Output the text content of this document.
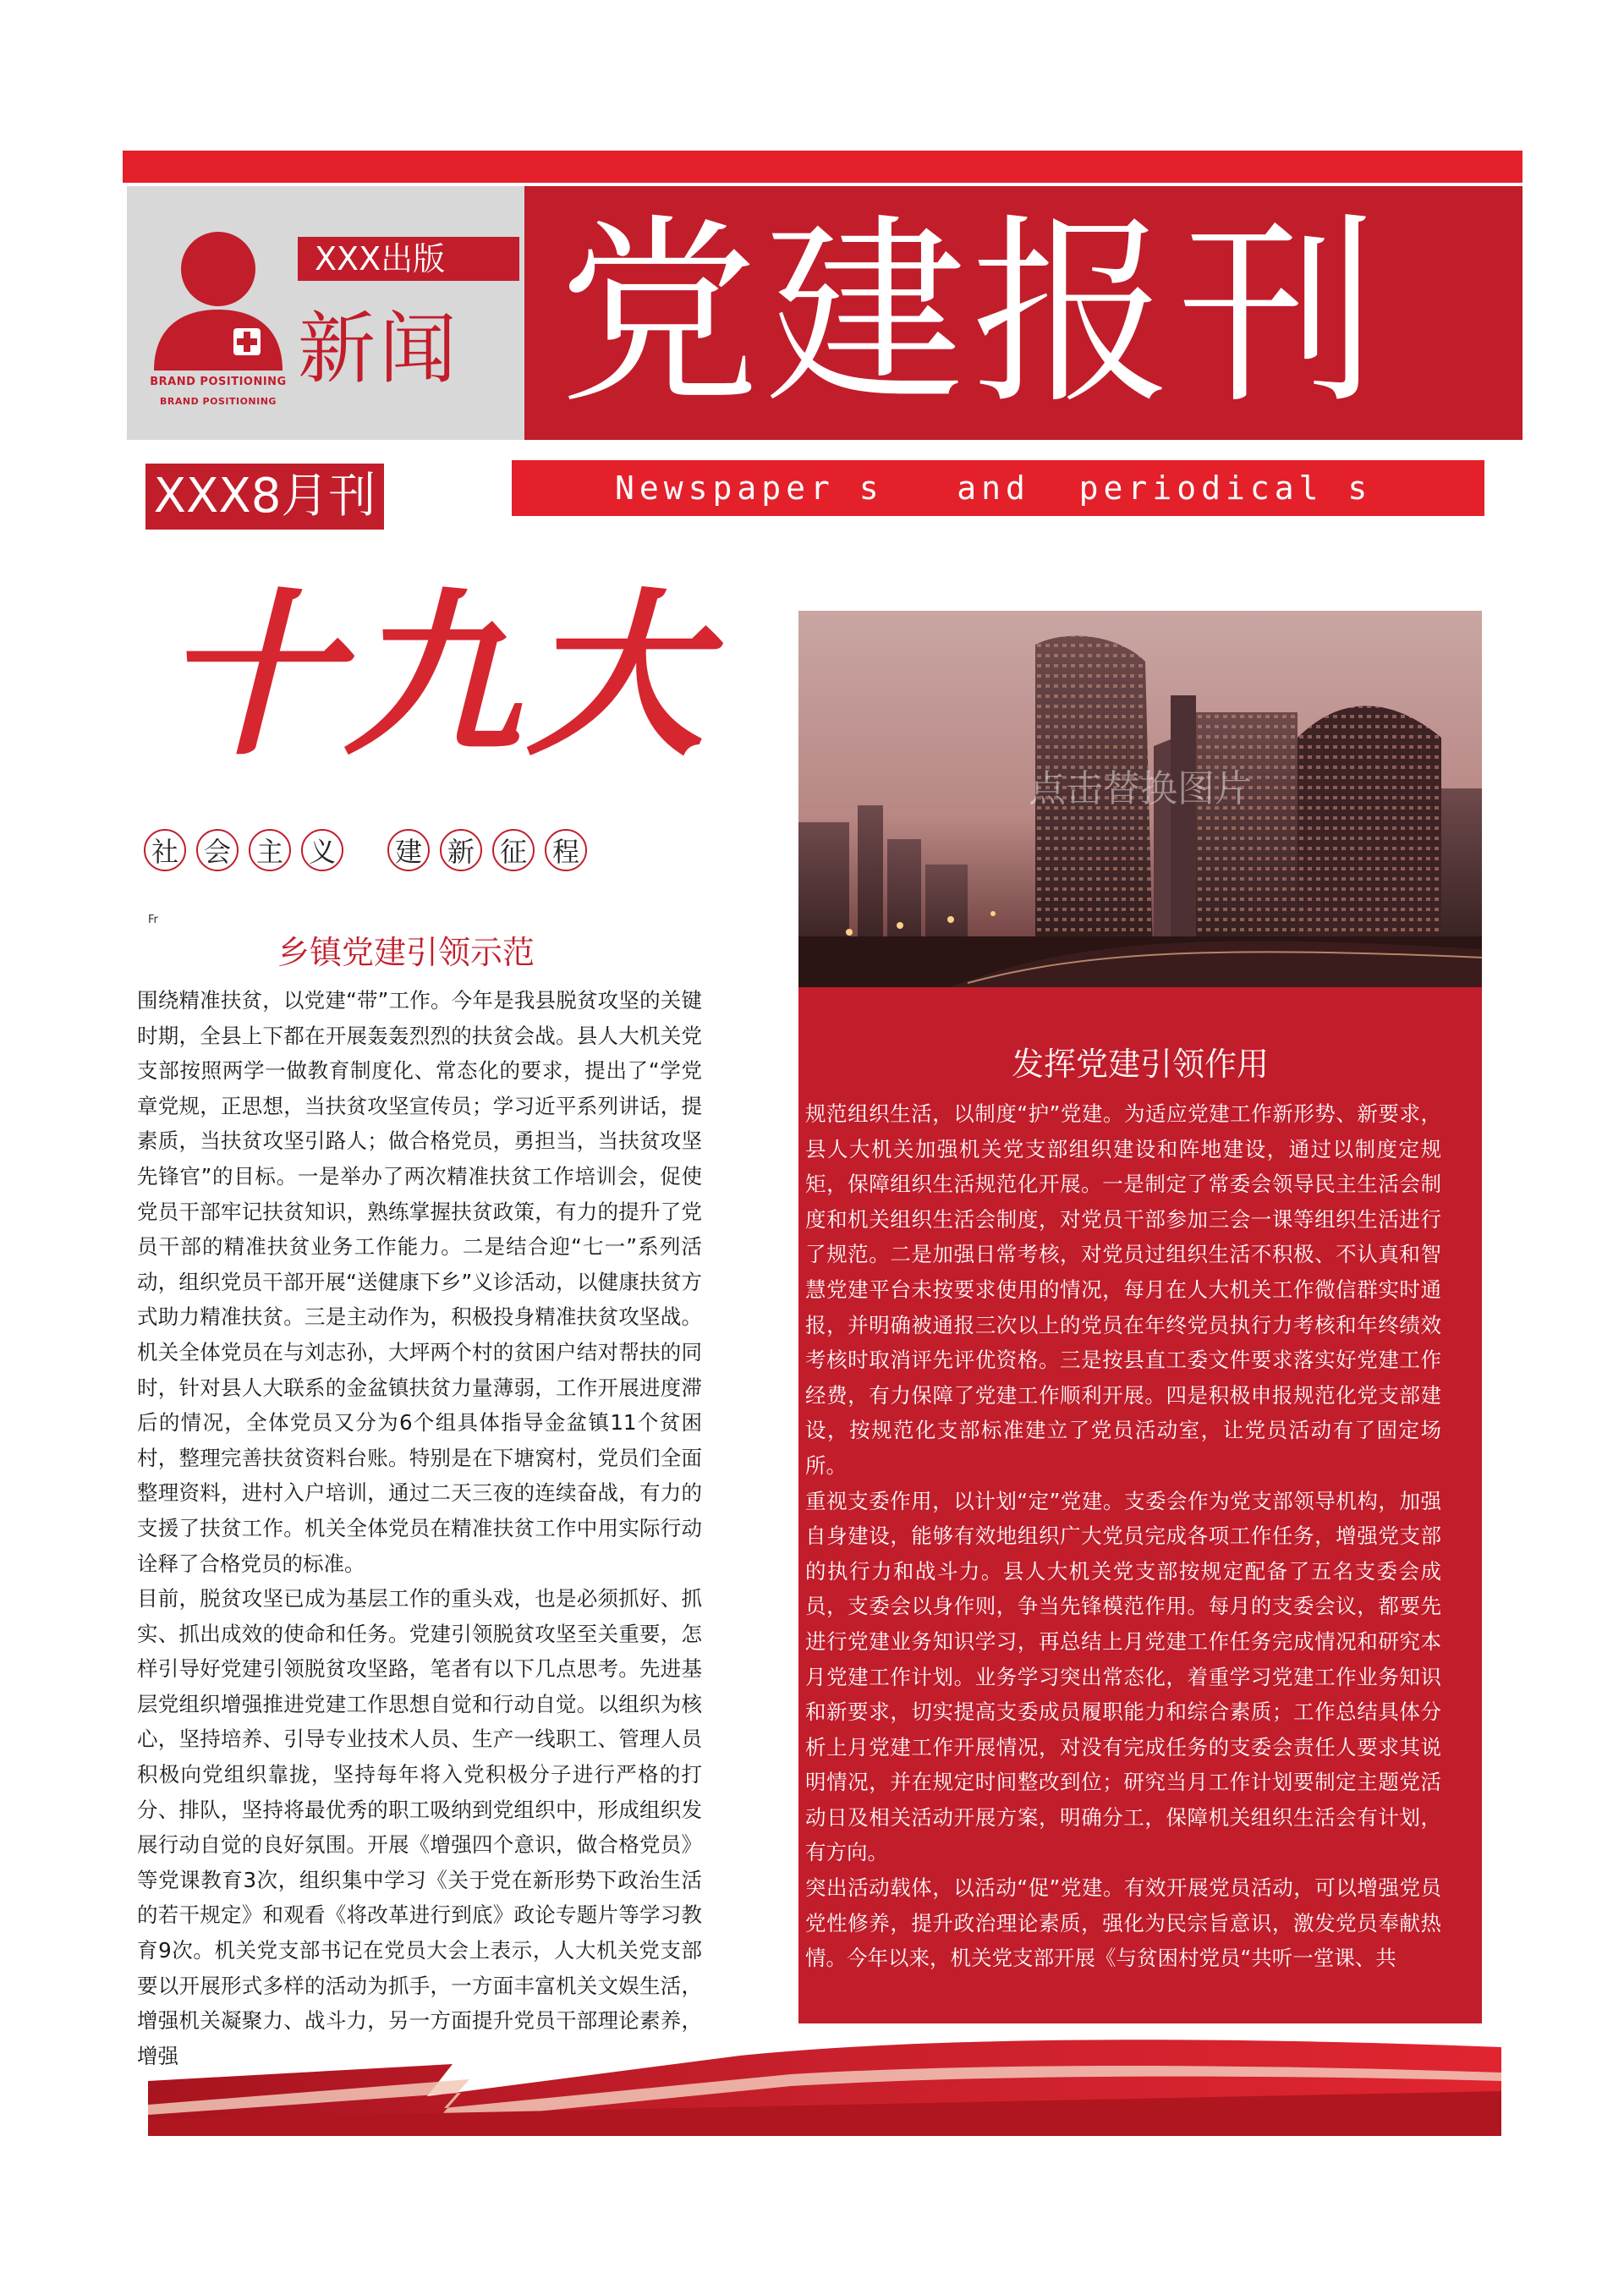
BRAND POSITIONING
BRAND POSITIONING
XXX出版
新闻 党建报刊
XXX8月刊	Newspaper s   and  periodical s
十九大
社 会 主 义 建 新 征 程
Fr
乡镇党建引领示范

围绕精准扶贫，以党建“带”工作。今年是我县脱贫攻坚的关键时期，全县上下都在开展轰轰烈烈的扶贫会战。县人大机关党支部按照两学一做教育制度化、常态化的要求，提出了“学党章党规，正思想，当扶贫攻坚宣传员；学习近平系列讲话，提素质，当扶贫攻坚引路人；做合格党员，勇担当，当扶贫攻坚先锋官”的目标。一是举办了两次精准扶贫工作培训会，促使党员干部牢记扶贫知识，熟练掌握扶贫政策，有力的提升了党员干部的精准扶贫业务工作能力。二是结合迎“七一”系列活动，组织党员干部开展“送健康下乡”义诊活动，以健康扶贫方式助力精准扶贫。三是主动作为，积极投身精准扶贫攻坚战。机关全体党员在与刘志孙，大坪两个村的贫困户结对帮扶的同时，针对县人大联系的金盆镇扶贫力量薄弱，工作开展进度滞后的情况，全体党员又分为6个组具体指导金盆镇11个贫困村，整理完善扶贫资料台账。特别是在下塘窝村，党员们全面整理资料，进村入户培训，通过二天三夜的连续奋战，有力的支援了扶贫工作。机关全体党员在精准扶贫工作中用实际行动诠释了合格党员的标准。

目前，脱贫攻坚已成为基层工作的重头戏，也是必须抓好、抓实、抓出成效的使命和任务。党建引领脱贫攻坚至关重要，怎样引导好党建引领脱贫攻坚路，笔者有以下几点思考。先进基层党组织增强推进党建工作思想自觉和行动自觉。以组织为核心，坚持培养、引导专业技术人员、生产一线职工、管理人员积极向党组织靠拢，坚持每年将入党积极分子进行严格的打分、排队，坚持将最优秀的职工吸纳到党组织中，形成组织发展行动自觉的良好氛围。开展《增强四个意识，做合格党员》等党课教育3次，组织集中学习《关于党在新形势下政治生活的若干规定》和观看《将改革进行到底》政论专题片等学习教育9次。机关党支部书记在党员大会上表示，人大机关党支部要以开展形式多样的活动为抓手，一方面丰富机关文娱生活，增强机关凝聚力、战斗力，另一方面提升党员干部理论素养，增强

点击替换图片
发挥党建引领作用

规范组织生活，以制度“护”党建。为适应党建工作新形势、新要求，县人大机关加强机关党支部组织建设和阵地建设，通过以制度定规矩，保障组织生活规范化开展。一是制定了常委会领导民主生活会制度和机关组织生活会制度，对党员干部参加三会一课等组织生活进行了规范。二是加强日常考核，对党员过组织生活不积极、不认真和智慧党建平台未按要求使用的情况，每月在人大机关工作微信群实时通报，并明确被通报三次以上的党员在年终党员执行力考核和年终绩效考核时取消评先评优资格。三是按县直工委文件要求落实好党建工作经费，有力保障了党建工作顺利开展。四是积极申报规范化党支部建设，按规范化支部标准建立了党员活动室，让党员活动有了固定场所。

重视支委作用，以计划“定”党建。支委会作为党支部领导机构，加强自身建设，能够有效地组织广大党员完成各项工作任务，增强党支部的执行力和战斗力。县人大机关党支部按规定配备了五名支委会成员，支委会以身作则，争当先锋模范作用。每月的支委会议，都要先进行党建业务知识学习，再总结上月党建工作任务完成情况和研究本月党建工作计划。业务学习突出常态化，着重学习党建工作业务知识和新要求，切实提高支委成员履职能力和综合素质；工作总结具体分析上月党建工作开展情况，对没有完成任务的支委会责任人要求其说明情况，并在规定时间整改到位；研究当月工作计划要制定主题党活动日及相关活动开展方案，明确分工，保障机关组织生活会有计划，有方向。

突出活动载体，以活动“促”党建。有效开展党员活动，可以增强党员党性修养，提升政治理论素质，强化为民宗旨意识，激发党员奉献热情。今年以来，机关党支部开展《与贫困村党员“共听一堂课、共
